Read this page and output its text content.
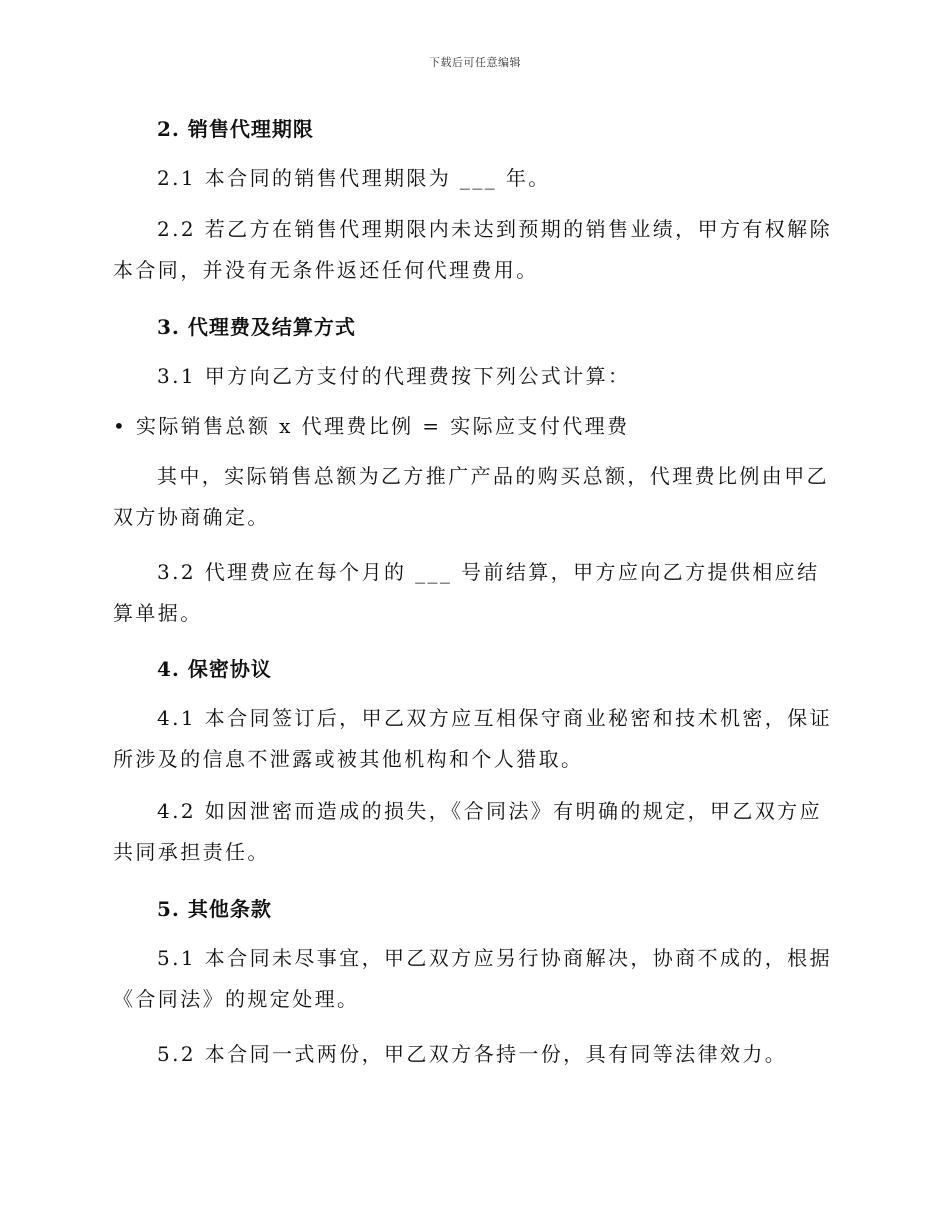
下载后可任意编辑
2. 销售代理期限
2.1 本合同的销售代理期限为 ___ 年。
2.2 若乙方在销售代理期限内未达到预期的销售业绩，甲方有权解除本合同，并没有无条件返还任何代理费用。
3. 代理费及结算方式
3.1 甲方向乙方支付的代理费按下列公式计算：
• 实际销售总额 x 代理费比例 = 实际应支付代理费
其中，实际销售总额为乙方推广产品的购买总额，代理费比例由甲乙双方协商确定。
3.2 代理费应在每个月的 ___ 号前结算，甲方应向乙方提供相应结算单据。
4. 保密协议
4.1 本合同签订后，甲乙双方应互相保守商业秘密和技术机密，保证所涉及的信息不泄露或被其他机构和个人猎取。
4.2 如因泄密而造成的损失，《合同法》有明确的规定，甲乙双方应共同承担责任。
5. 其他条款
5.1 本合同未尽事宜，甲乙双方应另行协商解决，协商不成的，根据《合同法》的规定处理。
5.2 本合同一式两份，甲乙双方各持一份，具有同等法律效力。
